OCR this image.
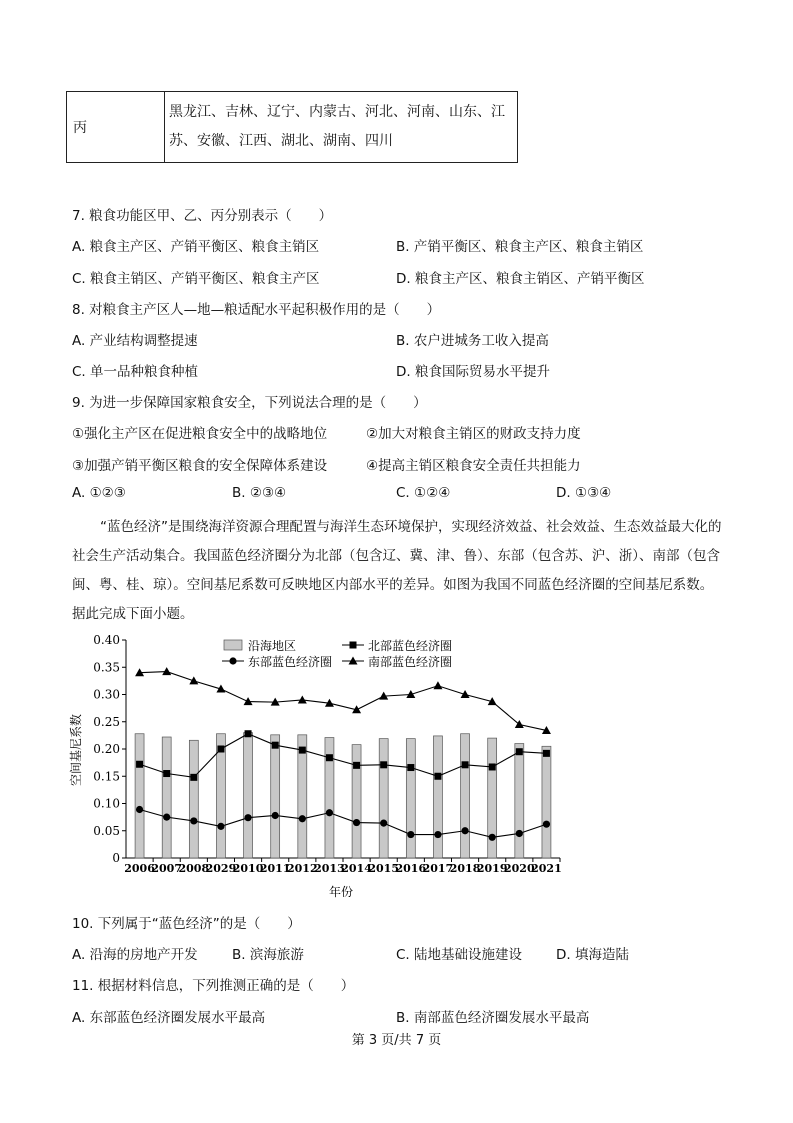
丙	黑龙江、吉林、辽宁、内蒙古、河北、河南、山东、江苏、安徽、江西、湖北、湖南、四川
7. 粮食功能区甲、乙、丙分别表示（　　）
A. 粮食主产区、产销平衡区、粮食主销区	B. 产销平衡区、粮食主产区、粮食主销区
C. 粮食主销区、产销平衡区、粮食主产区	D. 粮食主产区、粮食主销区、产销平衡区
8. 对粮食主产区人—地—粮适配水平起积极作用的是（　　）
A. 产业结构调整提速	B. 农户进城务工收入提高
C. 单一品种粮食种植	D. 粮食国际贸易水平提升
9. 为进一步保障国家粮食安全，下列说法合理的是（　　）
①强化主产区在促进粮食安全中的战略地位	②加大对粮食主销区的财政支持力度
③加强产销平衡区粮食的安全保障体系建设	④提高主销区粮食安全责任共担能力
A. ①②③	B. ②③④	C. ①②④	D. ①③④
“蓝色经济”是围绕海洋资源合理配置与海洋生态环境保护，实现经济效益、社会效益、生态效益最大化的社会生产活动集合。我国蓝色经济圈分为北部（包含辽、冀、津、鲁）、东部（包含苏、沪、浙）、南部（包含闽、粤、桂、琼）。空间基尼系数可反映地区内部水平的差异。如图为我国不同蓝色经济圈的空间基尼系数。据此完成下面小题。
0
0.05
0.10
0.15
0.20
0.25
0.30
0.35
0.40
2006
2007
2008
2029
2010
2011
2012
2013
2014
2015
2016
2017
2018
2019
2020
2021
沿海地区	北部蓝色经济圈
东部蓝色经济圈	南部蓝色经济圈
空间基尼系数
年份
10. 下列属于“蓝色经济”的是（　　）
A. 沿海的房地产开发	B. 滨海旅游	C. 陆地基础设施建设	D. 填海造陆
11. 根据材料信息，下列推测正确的是（　　）
A. 东部蓝色经济圈发展水平最高	B. 南部蓝色经济圈发展水平最高
第 3 页/共 7 页
